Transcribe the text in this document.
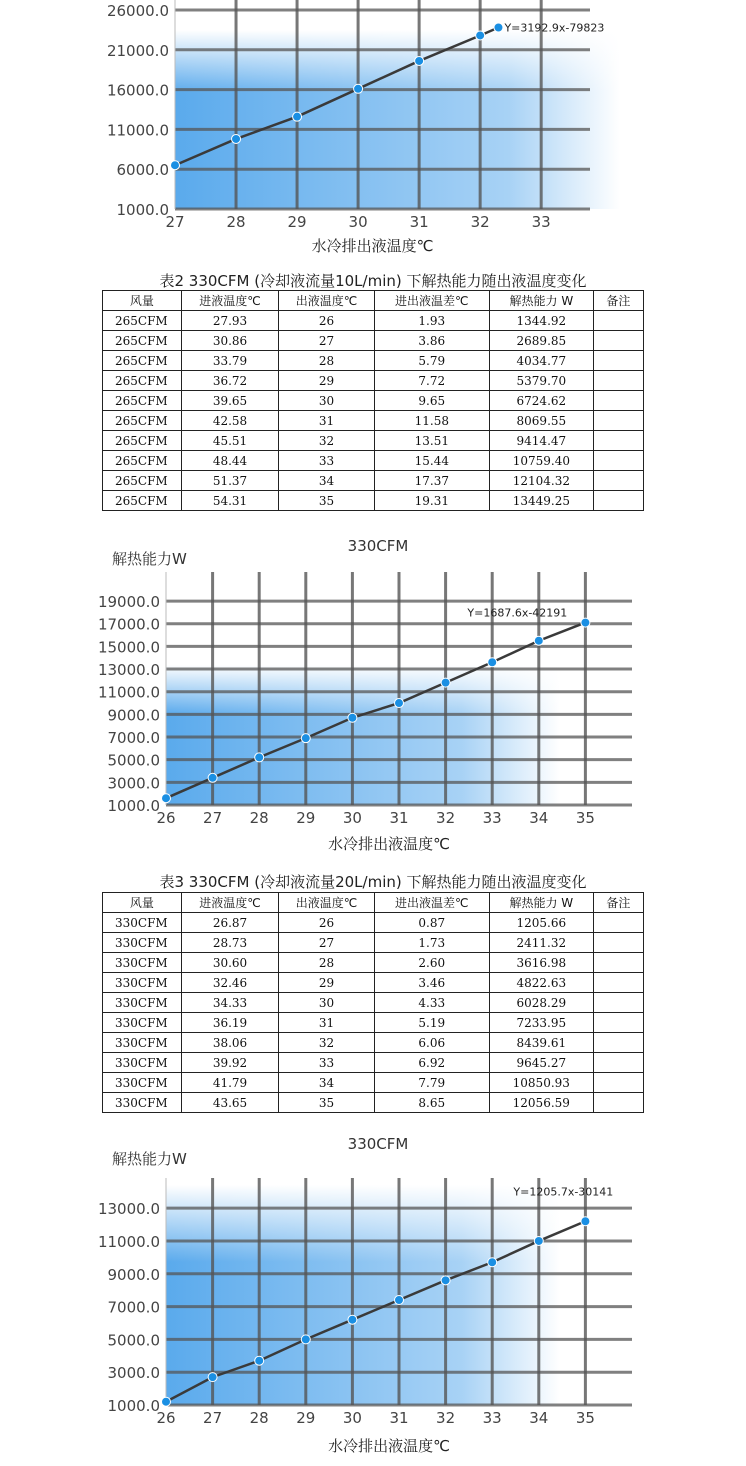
1000.0
6000.0
11000.0
16000.0
21000.0
26000.0
27	28	29	30	31	32	33
Y=3192.9x-79823
水冷排出液温度℃
表2 330CFM (冷却液流量10L/min) 下解热能力随出液温度变化
风量	进液温度℃	出液温度℃	进出液温差℃	解热能力 W	备注
265CFM	27.93	26	1.93	1344.92	
265CFM	30.86	27	3.86	2689.85	
265CFM	33.79	28	5.79	4034.77	
265CFM	36.72	29	7.72	5379.70	
265CFM	39.65	30	9.65	6724.62	
265CFM	42.58	31	11.58	8069.55	
265CFM	45.51	32	13.51	9414.47	
265CFM	48.44	33	15.44	10759.40	
265CFM	51.37	34	17.37	12104.32	
265CFM	54.31	35	19.31	13449.25	
1000.0
3000.0
5000.0
7000.0
9000.0
11000.0
13000.0
15000.0
17000.0
19000.0
26 27 28 29 30 31 32 33 34 35
Y=1687.6x-42191
330CFM
解热能力W
水冷排出液温度℃
表3 330CFM (冷却液流量20L/min) 下解热能力随出液温度变化
风量	进液温度℃	出液温度℃	进出液温差℃	解热能力 W	备注
330CFM	26.87	26	0.87	1205.66	
330CFM	28.73	27	1.73	2411.32	
330CFM	30.60	28	2.60	3616.98	
330CFM	32.46	29	3.46	4822.63	
330CFM	34.33	30	4.33	6028.29	
330CFM	36.19	31	5.19	7233.95	
330CFM	38.06	32	6.06	8439.61	
330CFM	39.92	33	6.92	9645.27	
330CFM	41.79	34	7.79	10850.93	
330CFM	43.65	35	8.65	12056.59	
1000.0
3000.0
5000.0
7000.0
9000.0
11000.0
13000.0
26 27 28 29 30 31 32 33 34 35
Y=1205.7x-30141
330CFM
解热能力W
水冷排出液温度℃
